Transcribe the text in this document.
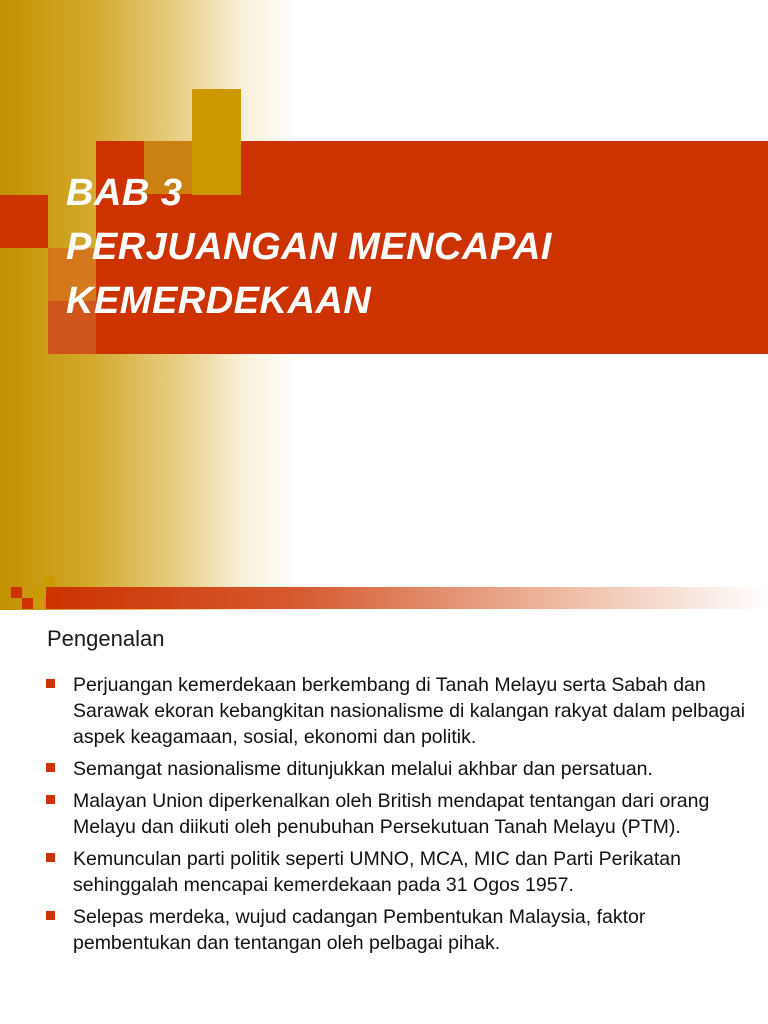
BAB 3
PERJUANGAN MENCAPAI
KEMERDEKAAN
Pengenalan
Perjuangan kemerdekaan berkembang di Tanah Melayu serta Sabah dan Sarawak ekoran kebangkitan nasionalisme di kalangan rakyat dalam pelbagai aspek keagamaan, sosial, ekonomi dan politik.
Semangat nasionalisme ditunjukkan melalui akhbar dan persatuan.
Malayan Union diperkenalkan oleh British mendapat tentangan dari orang Melayu dan diikuti oleh penubuhan Persekutuan Tanah Melayu (PTM).
Kemunculan parti politik seperti UMNO, MCA, MIC dan Parti Perikatan sehinggalah mencapai kemerdekaan pada 31 Ogos 1957.
Selepas merdeka, wujud cadangan Pembentukan Malaysia, faktor pembentukan dan tentangan oleh pelbagai pihak.
